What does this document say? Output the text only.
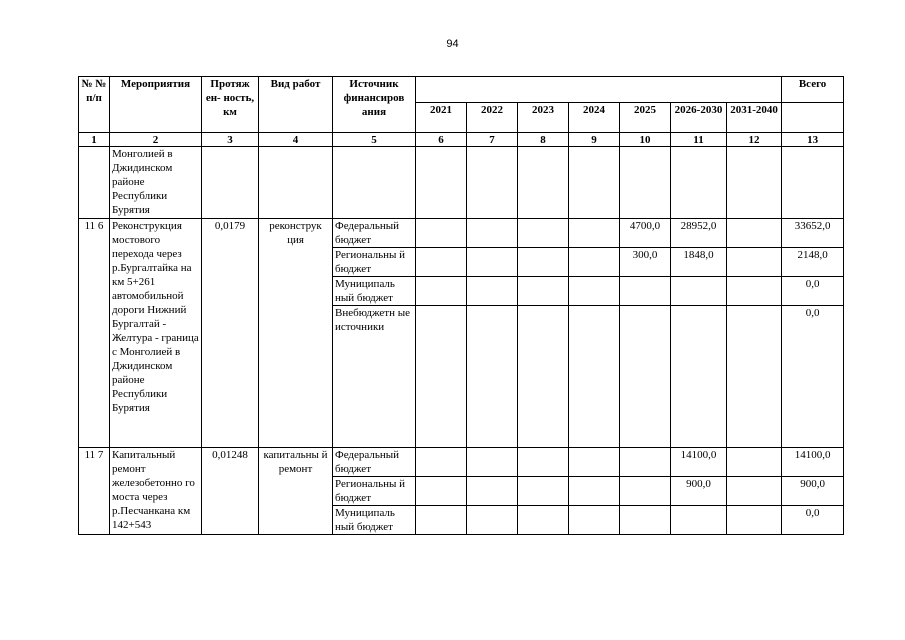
94
№ № п/п	Мероприятия	Протяж ен- ность, км	Вид работ	Источник финансиров ания								Всего
					2021	2022	2023	2024	2025	2026-2030	2031-2040	
1	2	3	4	5	6	7	8	9	10	11	12	13
	Монголией в Джидинском районе Республики Бурятия											
11 6	Реконструкция мостового перехода через р.Бургалтайка на км 5+261 автомобильной дороги Нижний Бургалтай - Желтура - граница с Монголией в Джидинском районе Республики Бурятия	0,0179	реконструк ция	Федеральный бюджет					4700,0	28952,0		33652,0
				Региональны й бюджет					300,0	1848,0		2148,0
				Муниципаль ный бюджет								0,0
				Внебюджетн ые источники								0,0
11 7	Капитальный ремонт железобетонно го моста через р.Песчанкана км 142+543	0,01248	капитальны й ремонт	Федеральный бюджет						14100,0		14100,0
				Региональны й бюджет						900,0		900,0
				Муниципаль ный бюджет								0,0
